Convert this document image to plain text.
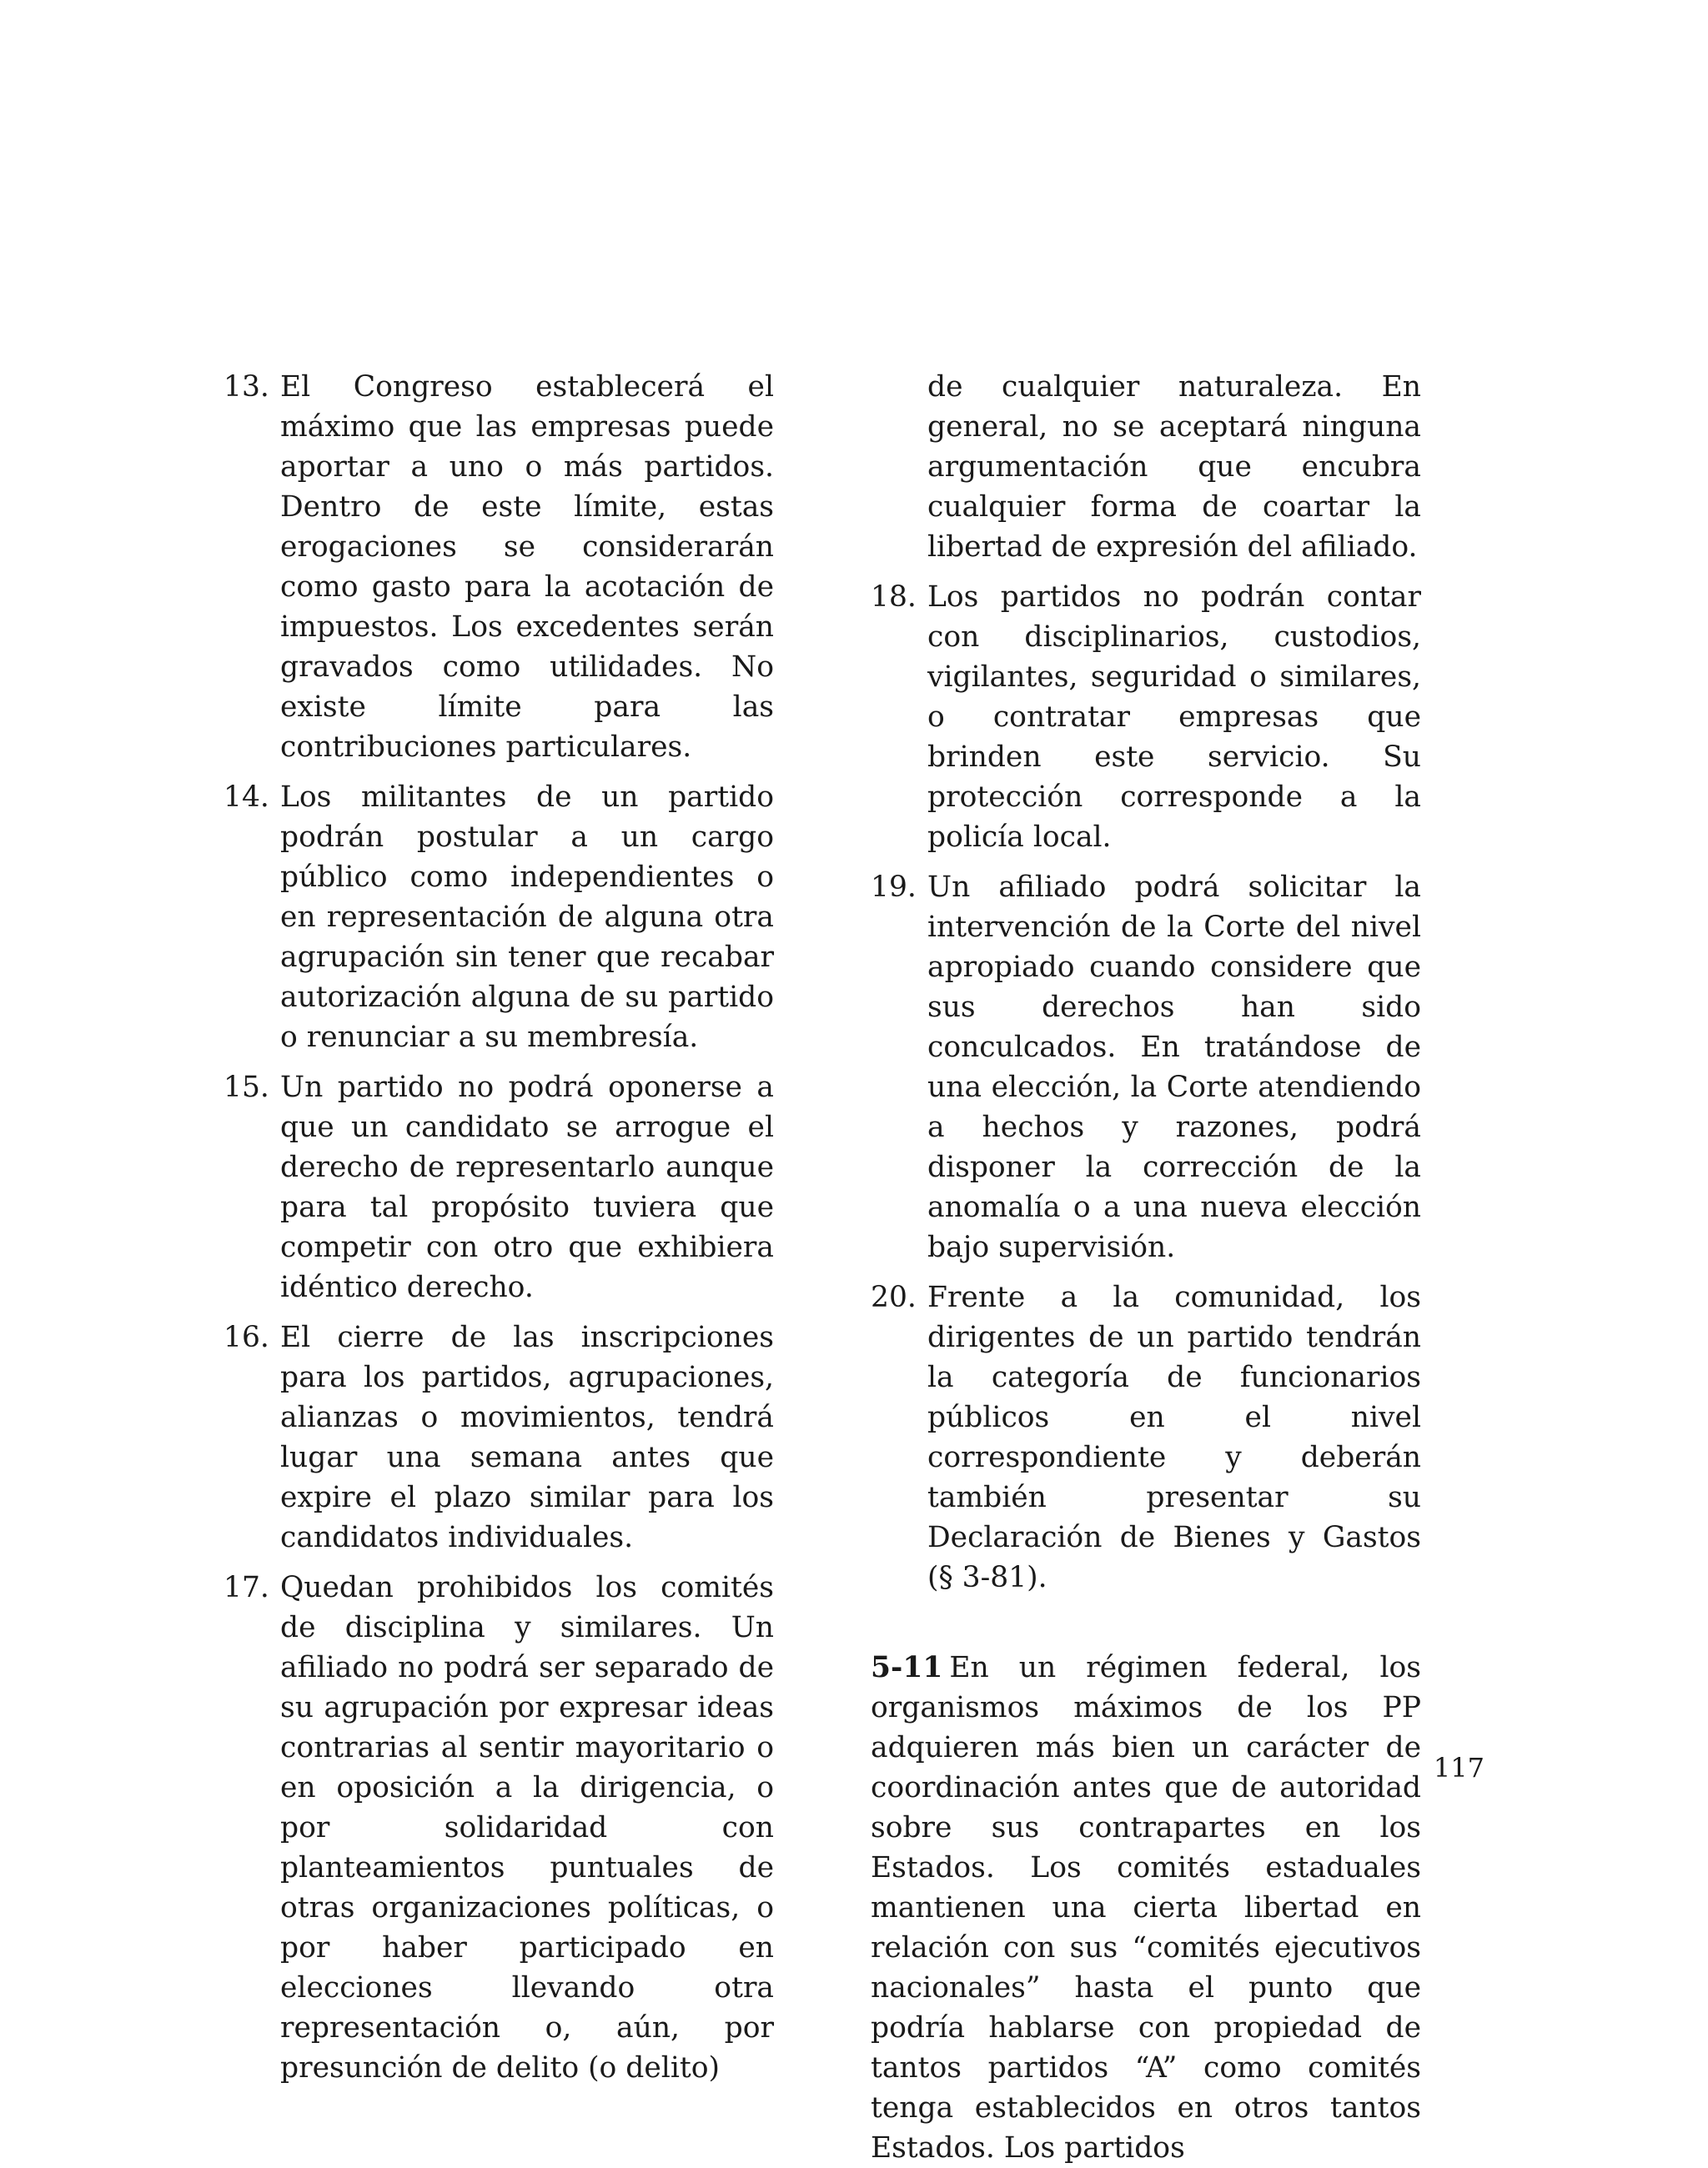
13. El Congreso establecerá el máximo que las empresas puede aportar a uno o más partidos. Dentro de este límite, estas erogaciones se considerarán como gasto para la acotación de impuestos. Los excedentes serán gravados como utilidades. No existe límite para las contribuciones particulares.
14. Los militantes de un partido podrán postular a un cargo público como independientes o en representación de alguna otra agrupación sin tener que recabar autorización alguna de su partido o renunciar a su membresía.
15. Un partido no podrá oponerse a que un candidato se arrogue el derecho de representarlo aunque para tal propósito tuviera que competir con otro que exhibiera idéntico derecho.
16. El cierre de las inscripciones para los partidos, agrupaciones, alianzas o movimientos, tendrá lugar una semana antes que expire el plazo similar para los candidatos individuales.
17. Quedan prohibidos los comités de disciplina y similares. Un afiliado no podrá ser separado de su agrupación por expresar ideas contrarias al sentir mayoritario o en oposición a la dirigencia, o por solidaridad con planteamientos puntuales de otras organizaciones políticas, o por haber participado en elecciones llevando otra representación o, aún, por presunción de delito (o delito)
de cualquier naturaleza. En general, no se aceptará ninguna argumentación que encubra cualquier forma de coartar la libertad de expresión del afiliado.
18. Los partidos no podrán contar con disciplinarios, custodios, vigilantes, seguridad o similares, o contratar empresas que brinden este servicio. Su protección corresponde a la policía local.
19. Un afiliado podrá solicitar la intervención de la Corte del nivel apropiado cuando considere que sus derechos han sido conculcados. En tratándose de una elección, la Corte atendiendo a hechos y razones, podrá disponer la corrección de la anomalía o a una nueva elección bajo supervisión.
20. Frente a la comunidad, los dirigentes de un partido tendrán la categoría de funcionarios públicos en el nivel correspondiente y deberán también presentar su Declaración de Bienes y Gastos (§ 3-81).
5-11 En un régimen federal, los organismos máximos de los PP adquieren más bien un carácter de coordinación antes que de autoridad sobre sus contrapartes en los Estados. Los comités estaduales mantienen una cierta libertad en relación con sus “comités ejecutivos nacionales” hasta el punto que podría hablarse con propiedad de tantos partidos “A” como comités tenga establecidos en otros tantos Estados. Los partidos
117
